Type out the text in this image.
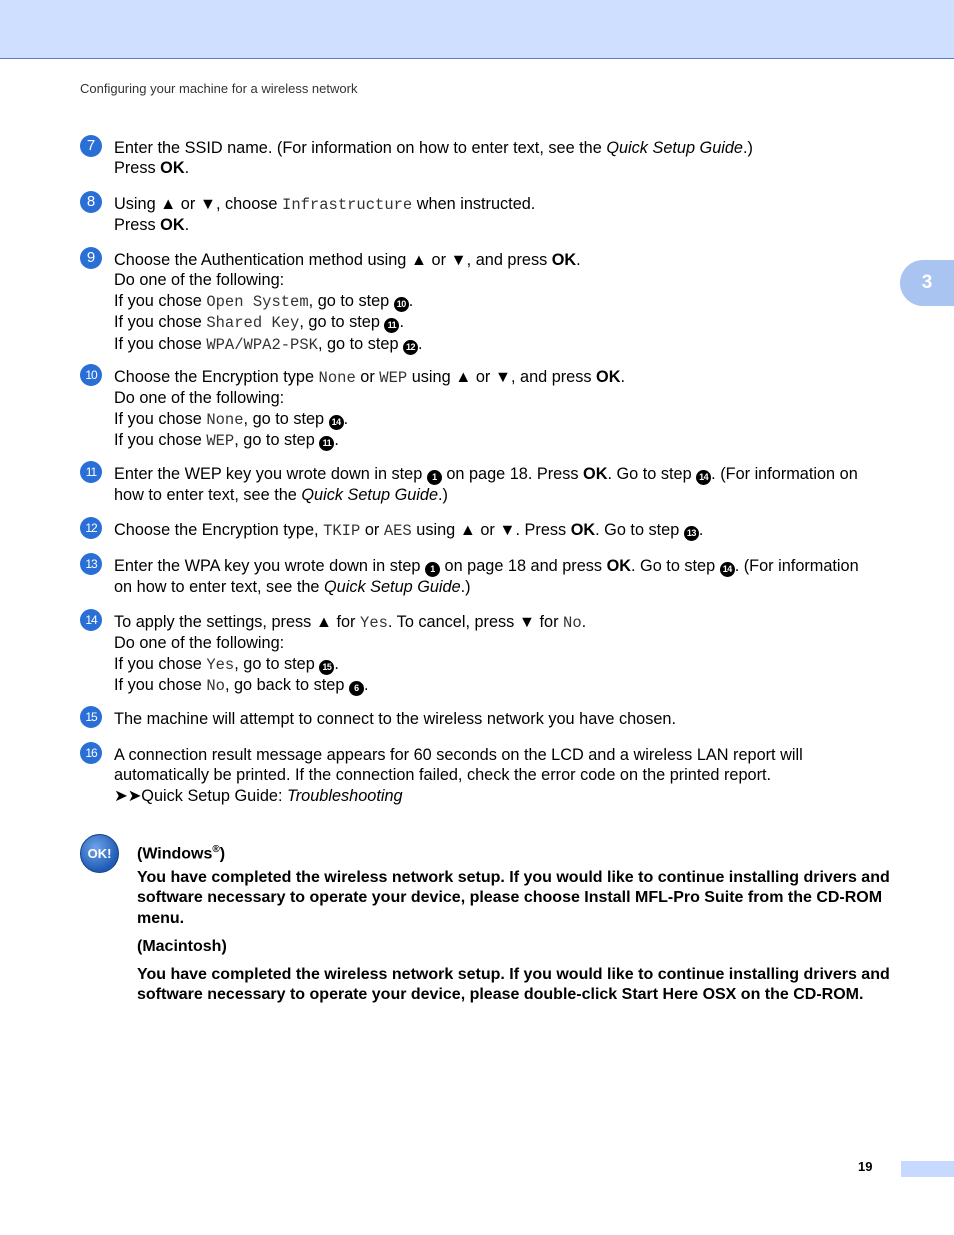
Configuring your machine for a wireless network
3
7	Enter the SSID name. (For information on how to enter text, see the Quick Setup Guide.)
Press OK.
8	Using ▲ or ▼, choose Infrastructure when instructed.
Press OK.
9	Choose the Authentication method using ▲ or ▼, and press OK.
Do one of the following:
If you chose Open System, go to step 10 .
If you chose Shared Key, go to step 11 .
If you chose WPA/WPA2-PSK, go to step 12 .
10	Choose the Encryption type None or WEP using ▲ or ▼, and press OK.
Do one of the following:
If you chose None, go to step 14 .
If you chose WEP, go to step 11 .
11	Enter the WEP key you wrote down in step 1 on page 18. Press OK. Go to step 14 . (For information on
how to enter text, see the Quick Setup Guide.)
12	Choose the Encryption type, TKIP or AES using ▲ or ▼. Press OK. Go to step 13 .
13	Enter the WPA key you wrote down in step 1 on page 18 and press OK. Go to step 14 . (For information
on how to enter text, see the Quick Setup Guide.)
14	To apply the settings, press ▲ for Yes. To cancel, press ▼ for No.
Do one of the following:
If you chose Yes, go to step 15 .
If you chose No, go back to step 6 .
15	The machine will attempt to connect to the wireless network you have chosen.
16	A connection result message appears for 60 seconds on the LCD and a wireless LAN report will
automatically be printed. If the connection failed, check the error code on the printed report.
➤➤Quick Setup Guide: Troubleshooting
OK!	(Windows®)
You have completed the wireless network setup. If you would like to continue installing drivers and software necessary to operate your device, please choose Install MFL-Pro Suite from the CD-ROM menu.
(Macintosh)
You have completed the wireless network setup. If you would like to continue installing drivers and software necessary to operate your device, please double-click Start Here OSX on the CD-ROM.
19
